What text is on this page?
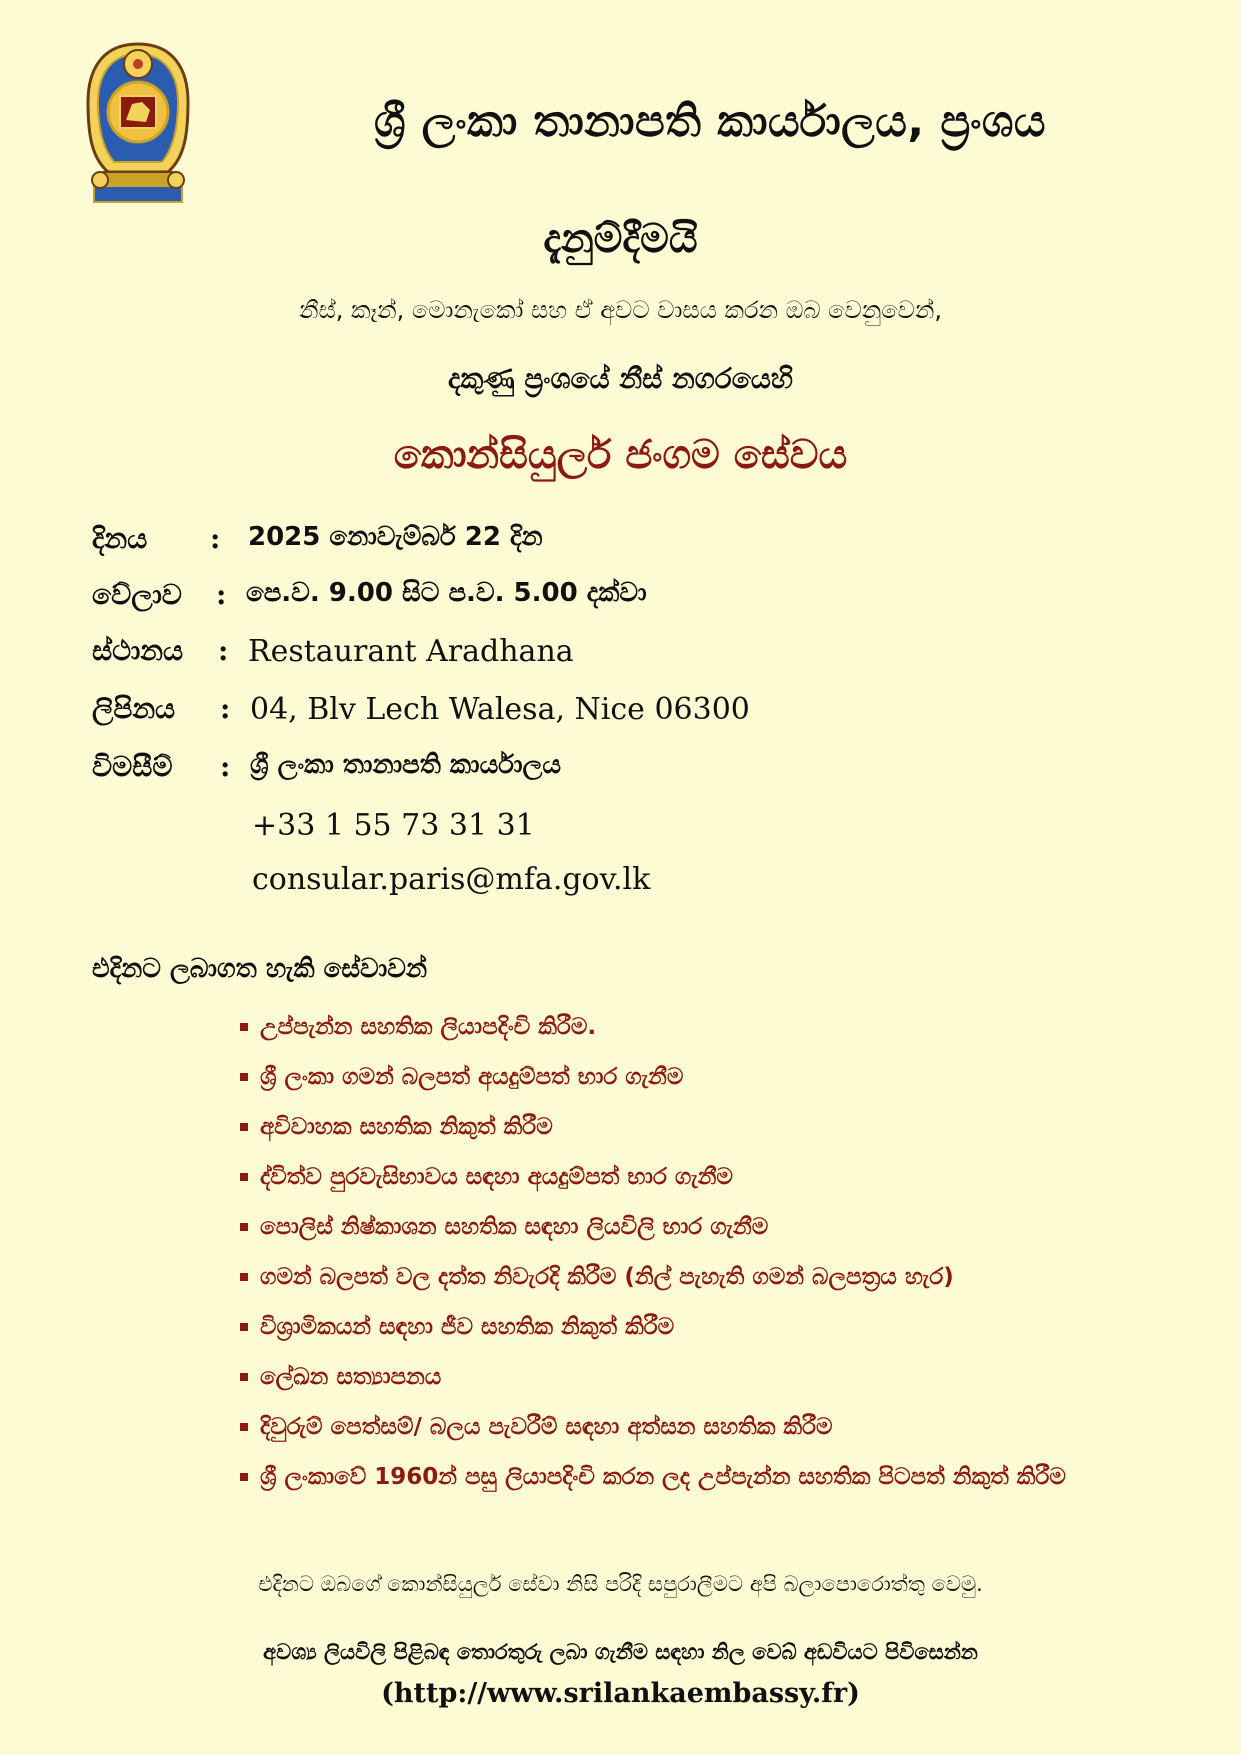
ශ්‍රී ලංකා තානාපති කාර්යාලය, ප්‍රංශය
දැනුම්දීමයි
නීස්, කෑන්, මොනැකෝ සහ ඒ අවට වාසය කරන ඔබ වෙනුවෙන්,
දකුණු ප්‍රංශයේ නීස් නගරයෙහි
කොන්සියුලර් ජංගම සේවය
දිනය : 2025 නොවැම්බර් 22 දින
වේලාව : පෙ.ව. 9.00 සිට ප.ව. 5.00 දක්වා
ස්ථානය : Restaurant Aradhana
ලිපිනය : 04, Blv Lech Walesa, Nice 06300
විමසීම් : ශ්‍රී ලංකා තානාපති කාර්යාලය
+33 1 55 73 31 31
consular.paris@mfa.gov.lk
එදිනට ලබාගත හැකි සේවාවන්
උප්පැන්න සහතික ලියාපදිංචි කිරීම.
ශ්‍රී ලංකා ගමන් බලපත් අයදුම්පත් භාර ගැනීම
අවිවාහක සහතික නිකුත් කිරීම
ද්විත්ව පුරවැසිභාවය සඳහා අයදුම්පත් භාර ගැනීම
පොලිස් නිෂ්කාශන සහතික සඳහා ලියවිලි භාර ගැනීම
ගමන් බලපත් වල දත්ත නිවැරදි කිරීම (නිල් පැහැති ගමන් බලපත්‍රය හැර)
විශ්‍රාමිකයන් සඳහා ජීව සහතික නිකුත් කිරීම
ලේඛන සත්‍යාපනය
දිවුරුම් පෙත්සම්/ බලය පැවරීම් සඳහා අත්සන සහතික කිරීම
ශ්‍රී ලංකාවේ 1960න් පසු ලියාපදිංචි කරන ලද උප්පැන්න සහතික පිටපත් නිකුත් කිරීම
එදිනට ඔබගේ කොන්සියුලර් සේවා නිසි පරිදි සපුරාලීමට අපි බලාපොරොත්තු වෙමු.
අවශ්‍ය ලියවිලි පිළිබඳ තොරතුරු ලබා ගැනීම සඳහා නිල වෙබ් අඩවියට පිවිසෙන්න
(http://www.srilankaembassy.fr)
